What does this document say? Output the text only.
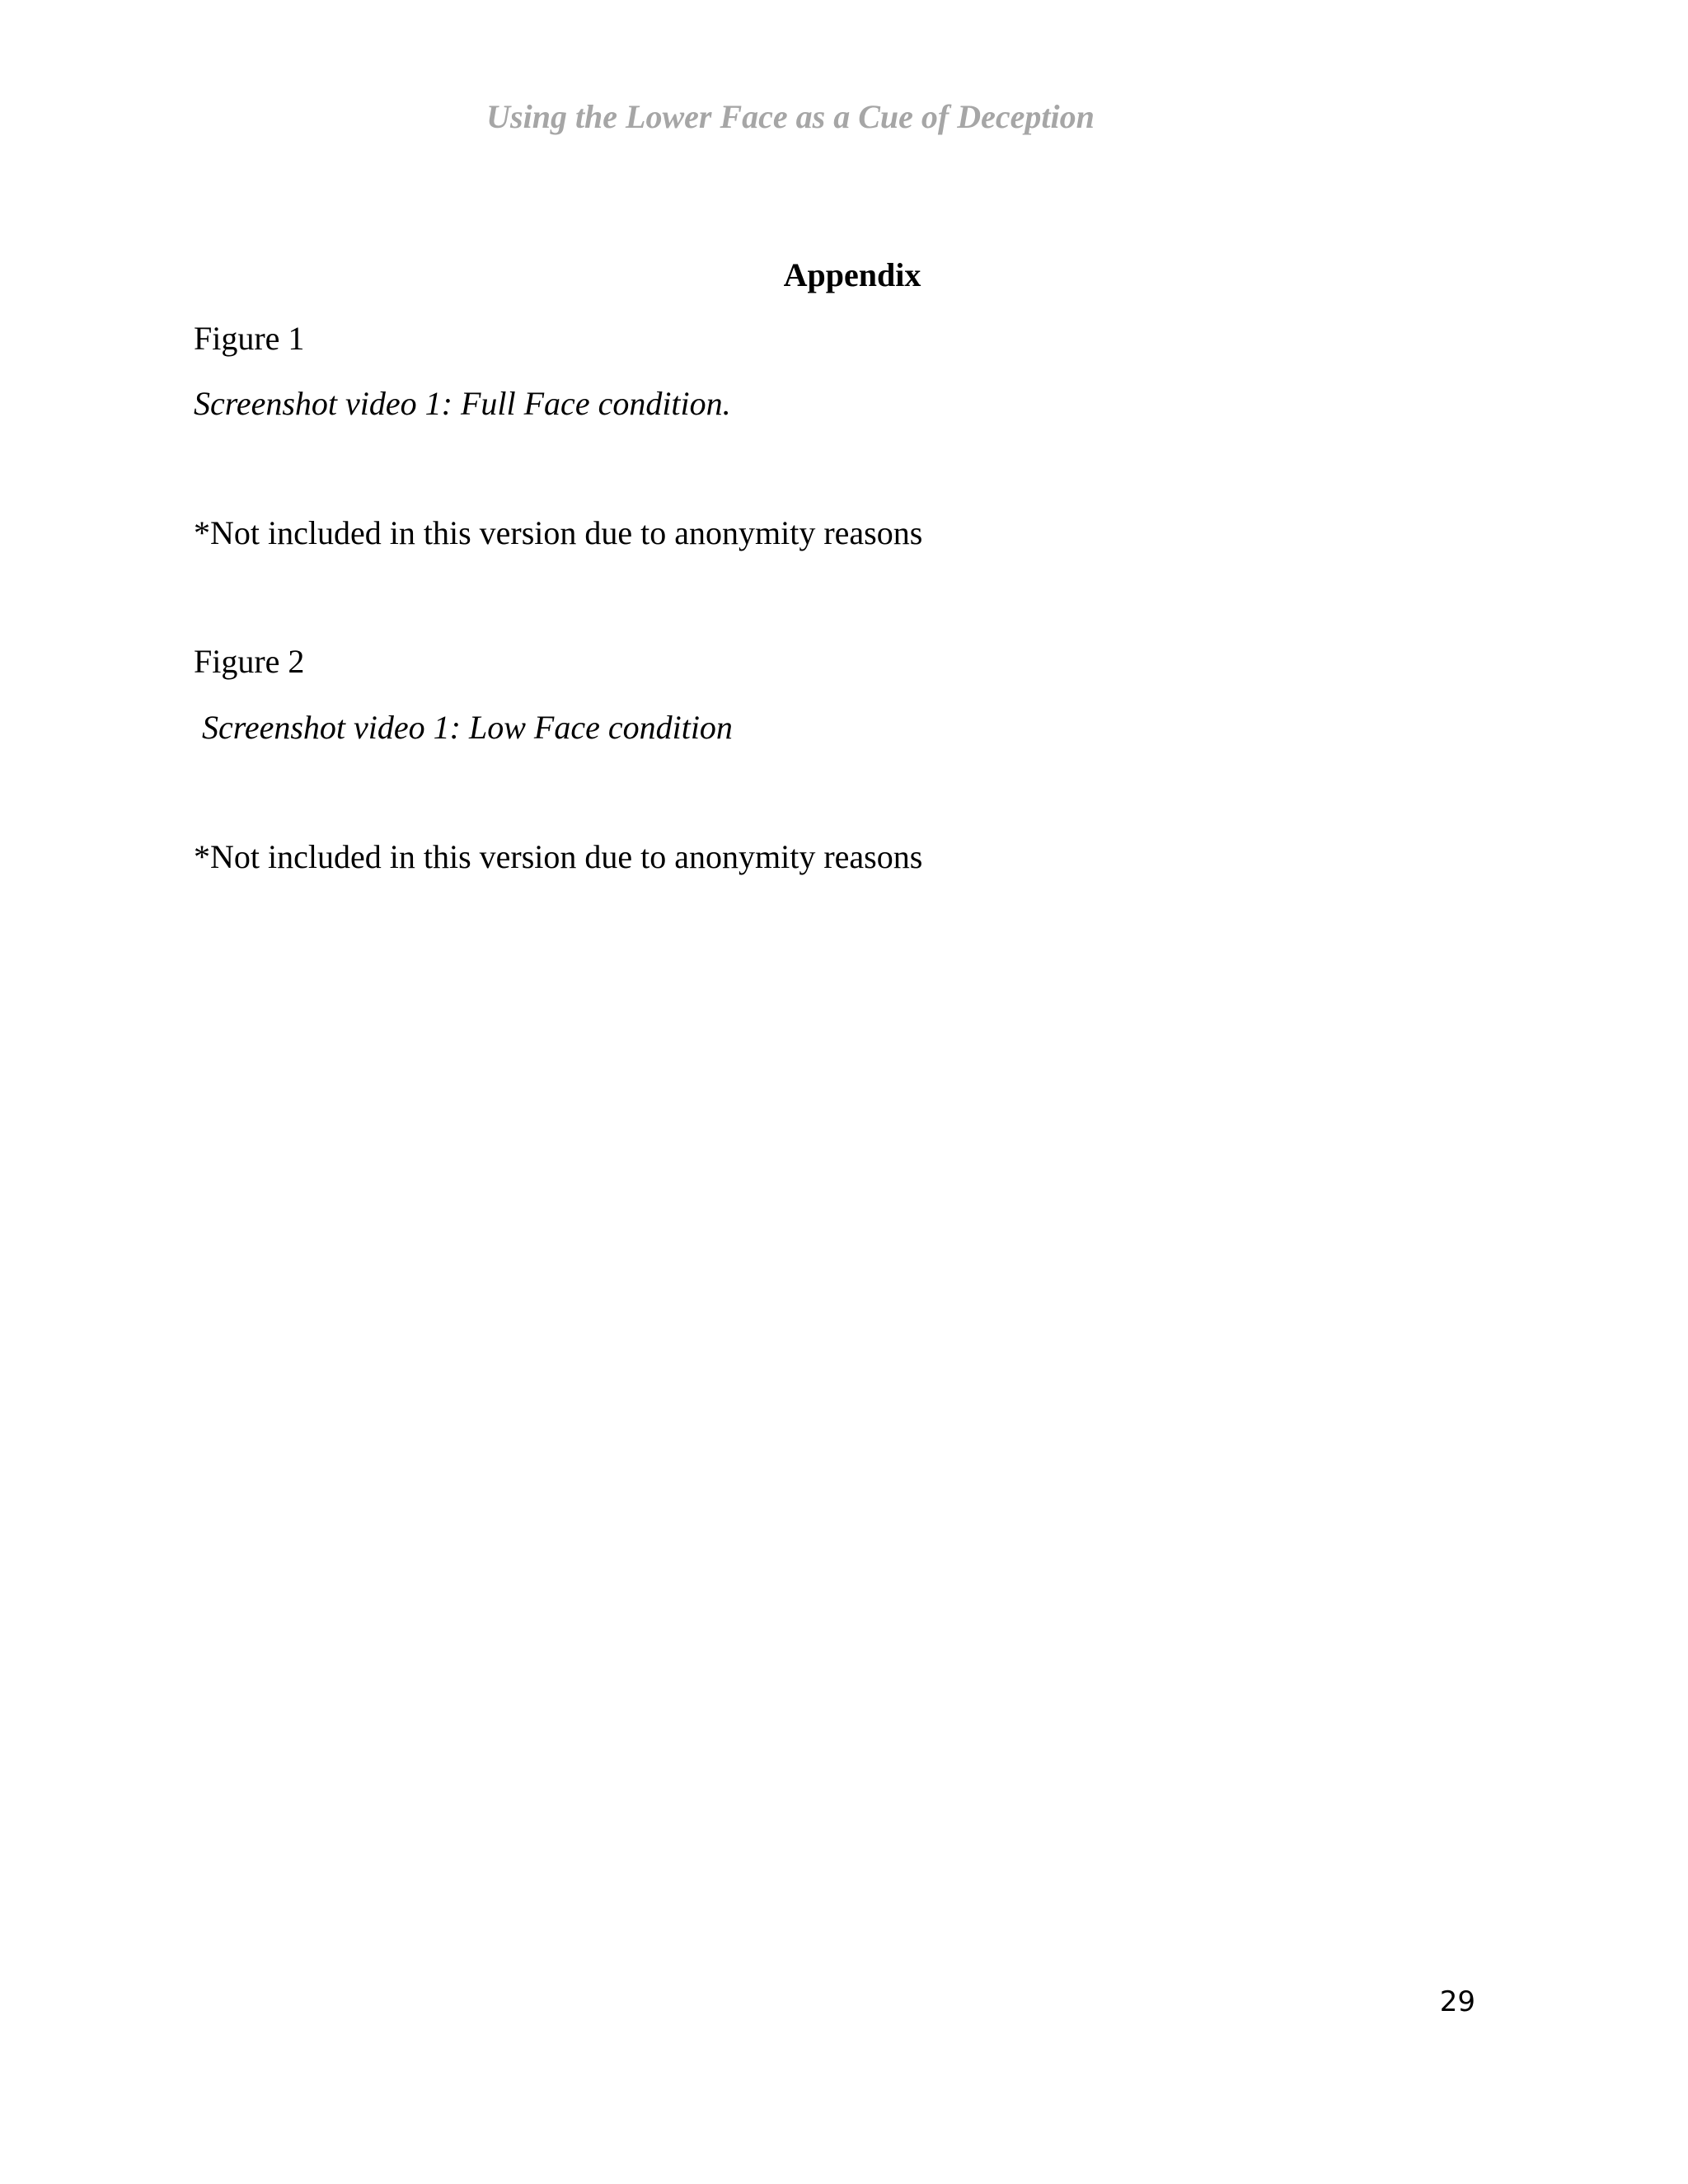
Using the Lower Face as a Cue of Deception
Appendix
Figure 1
Screenshot video 1: Full Face condition.
*Not included in this version due to anonymity reasons
Figure 2
Screenshot video 1: Low Face condition
*Not included in this version due to anonymity reasons
29
